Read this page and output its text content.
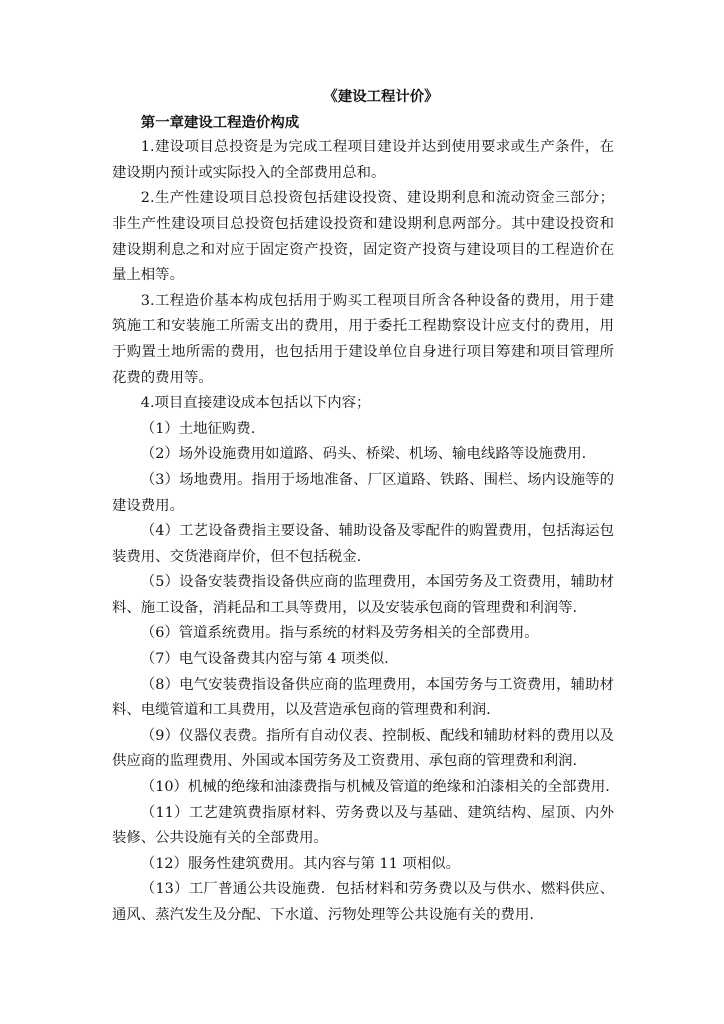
《建设工程计价》
第一章建设工程造价构成
1.建设项目总投资是为完成工程项目建设并达到使用要求或生产条件，在
建设期内预计或实际投入的全部费用总和。
2.生产性建设项目总投资包括建设投资、建设期利息和流动资金三部分；
非生产性建设项目总投资包括建设投资和建设期利息两部分。其中建设投资和
建设期利息之和对应于固定资产投资，固定资产投资与建设项目的工程造价在
量上相等。
3.工程造价基本构成包括用于购买工程项目所含各种设备的费用，用于建
筑施工和安装施工所需支出的费用，用于委托工程勘察设计应支付的费用，用
于购置土地所需的费用，也包括用于建设单位自身进行项目筹建和项目管理所
花费的费用等。
4.项目直接建设成本包括以下内容；
（1）土地征购费.
（2）场外设施费用如道路、码头、桥梁、机场、输电线路等设施费用.
（3）场地费用。指用于场地准备、厂区道路、铁路、围栏、场内设施等的
建设费用。
（4）工艺设备费指主要设备、辅助设备及零配件的购置费用，包括海运包
装费用、交货港商岸价，但不包括税金.
（5）设备安装费指设备供应商的监理费用，本国劳务及工资费用，辅助材
料、施工设备，消耗品和工具等费用，以及安装承包商的管理费和利润等.
（6）管道系统费用。指与系统的材料及劳务相关的全部费用。
（7）电气设备费其内窑与第 4 项类似.
（8）电气安装费指设备供应商的监理费用，本国劳务与工资费用，辅助材
料、电缆管道和工具费用，以及营造承包商的管理费和利润.
（9）仪器仪表费。指所有自动仪表、控制板、配线和辅助材料的费用以及
供应商的监理费用、外国或本国劳务及工资费用、承包商的管理费和利润.
（10）机械的绝缘和油漆费指与机械及管道的绝缘和泊漆相关的全部费用.
（11）工艺建筑费指原材料、劳务费以及与基础、建筑结构、屋顶、内外
装修、公共设施有关的全部费用。
（12）服务性建筑费用。其内容与第 11 项相似。
（13）工厂普通公共设施费．包括材料和劳务费以及与供水、燃料供应、
通风、蒸汽发生及分配、下水道、污物处理等公共设施有关的费用.
